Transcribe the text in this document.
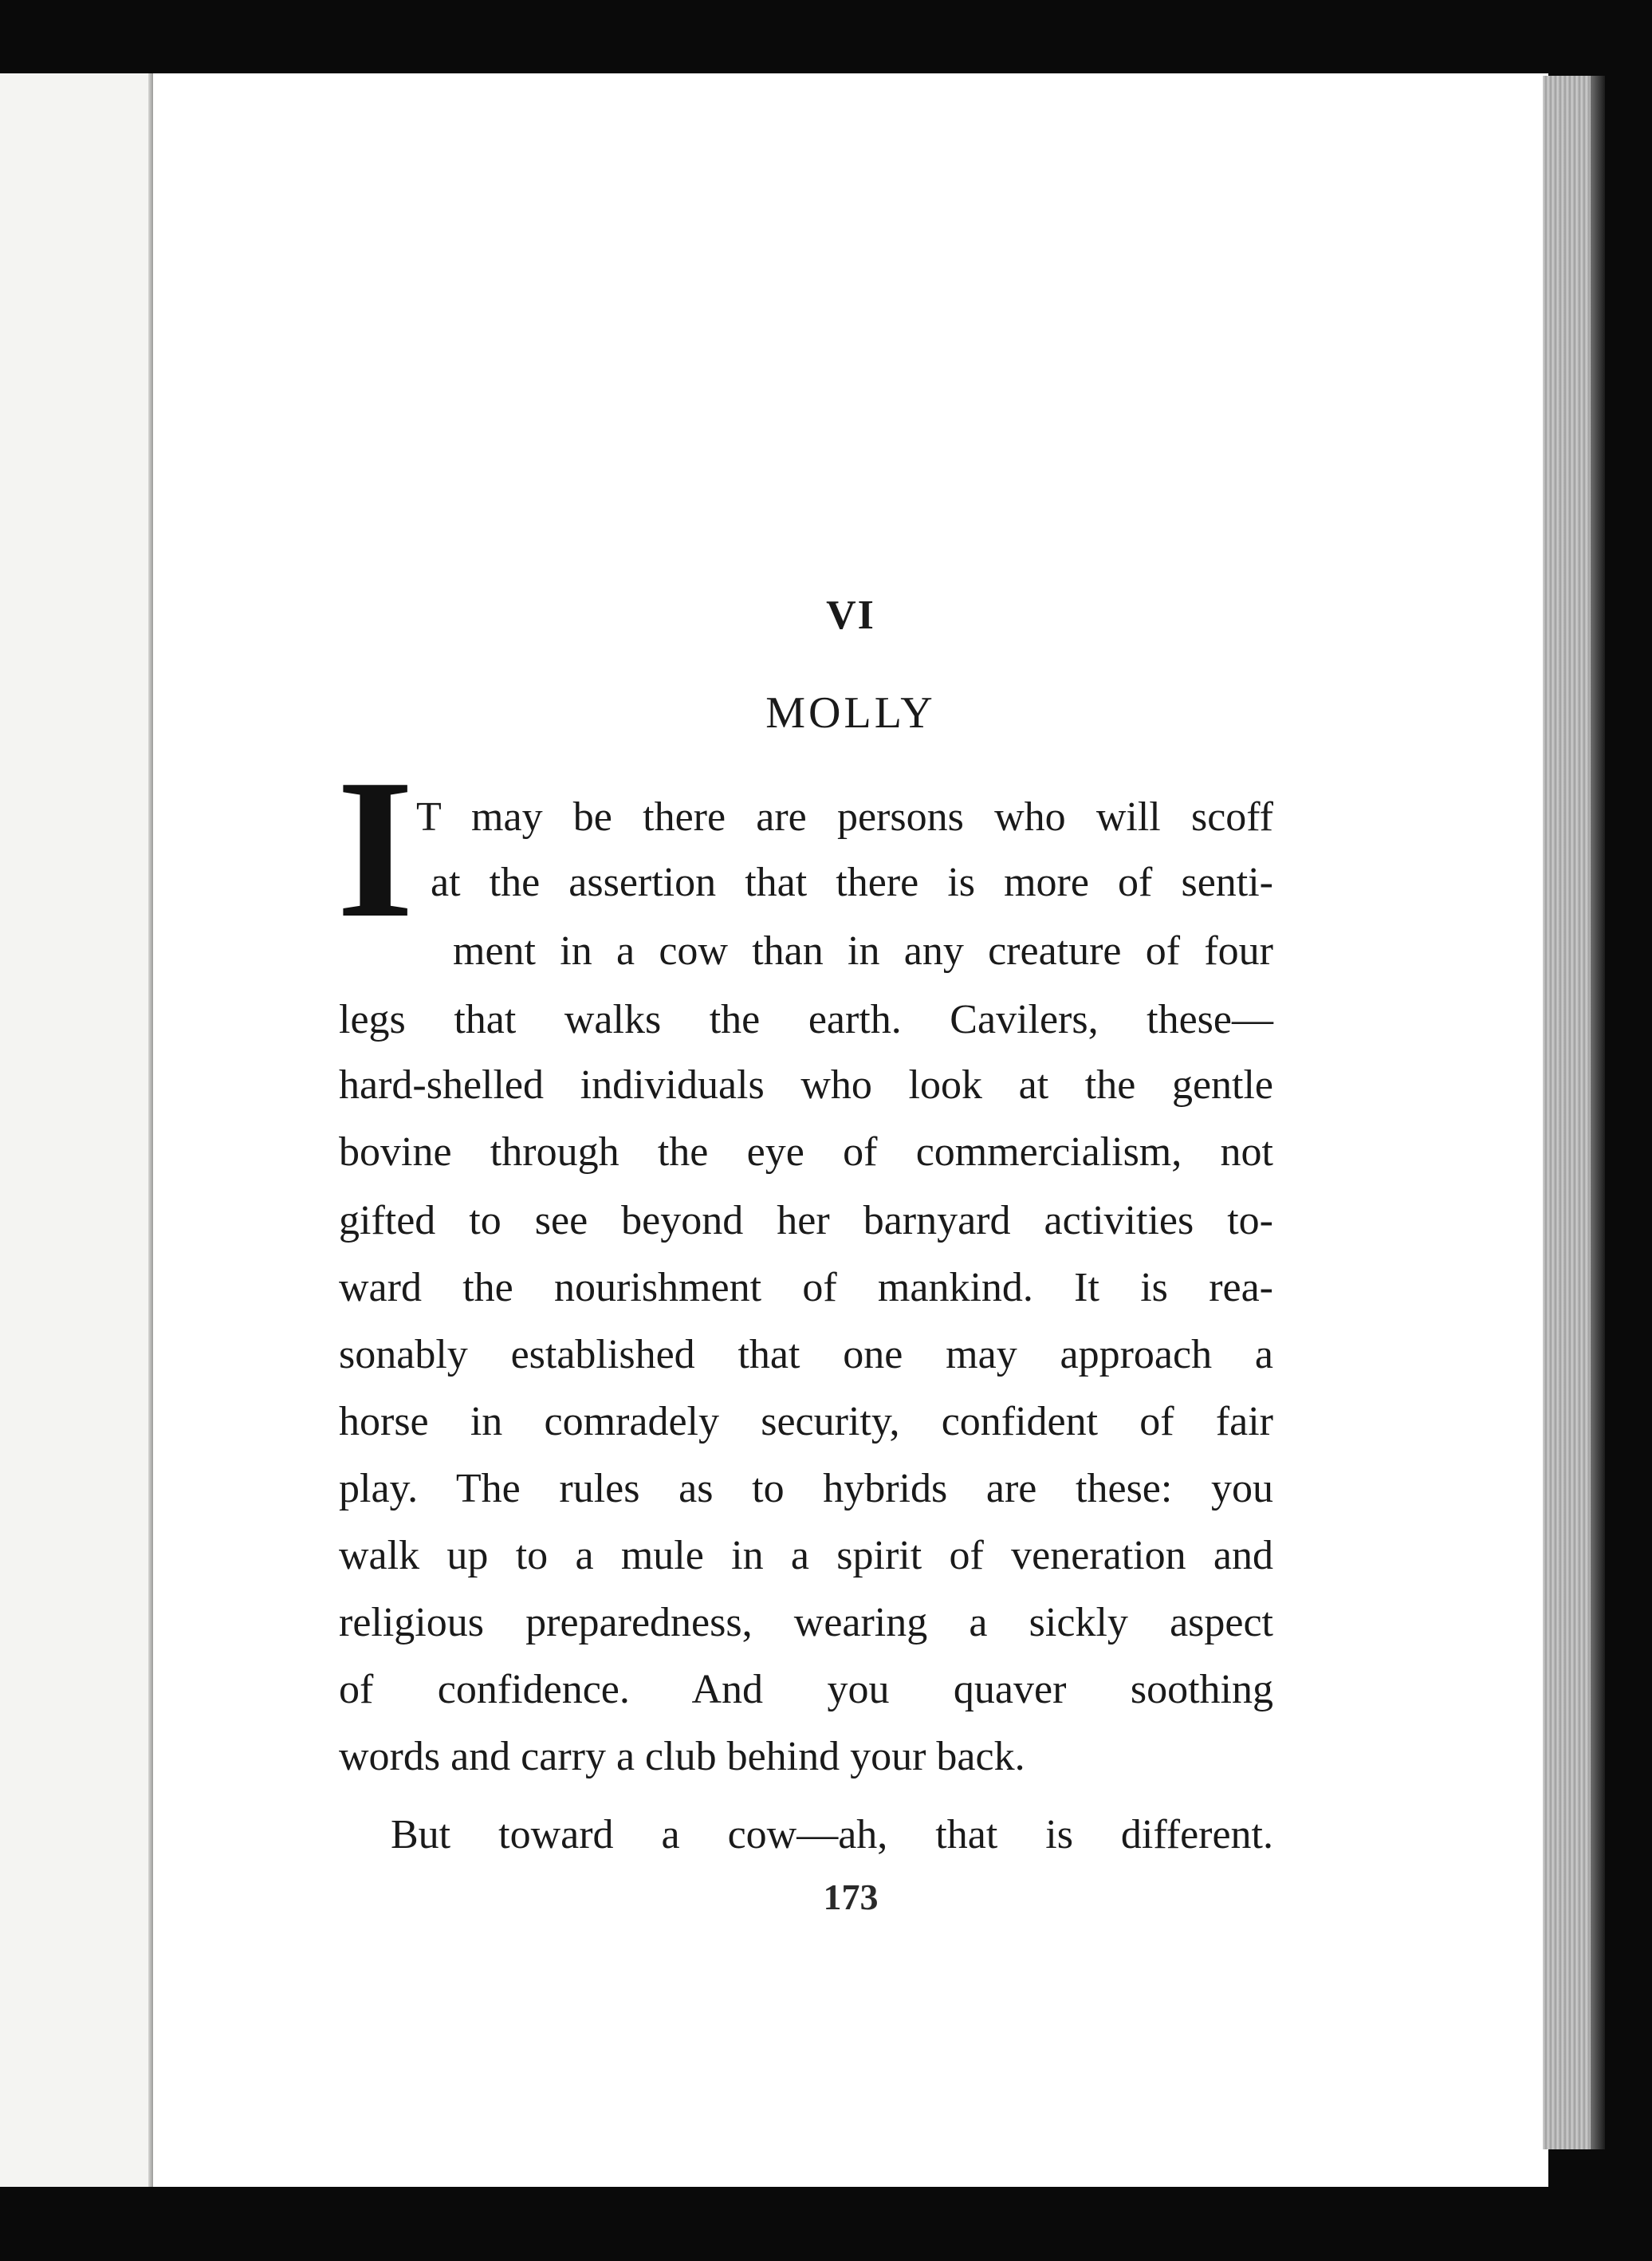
VI
MOLLY
I T may be there are persons who will scoff
at the assertion that there is more of senti-
ment in a cow than in any creature of four
legs that walks the earth. Cavilers, these—
hard-shelled individuals who look at the gentle
bovine through the eye of commercialism, not
gifted to see beyond her barnyard activities to-
ward the nourishment of mankind. It is rea-
sonably established that one may approach a
horse in comradely security, confident of fair
play. The rules as to hybrids are these: you
walk up to a mule in a spirit of veneration and
religious preparedness, wearing a sickly aspect
of confidence. And you quaver soothing
words and carry a club behind your back.
But toward a cow—ah, that is different.
173
